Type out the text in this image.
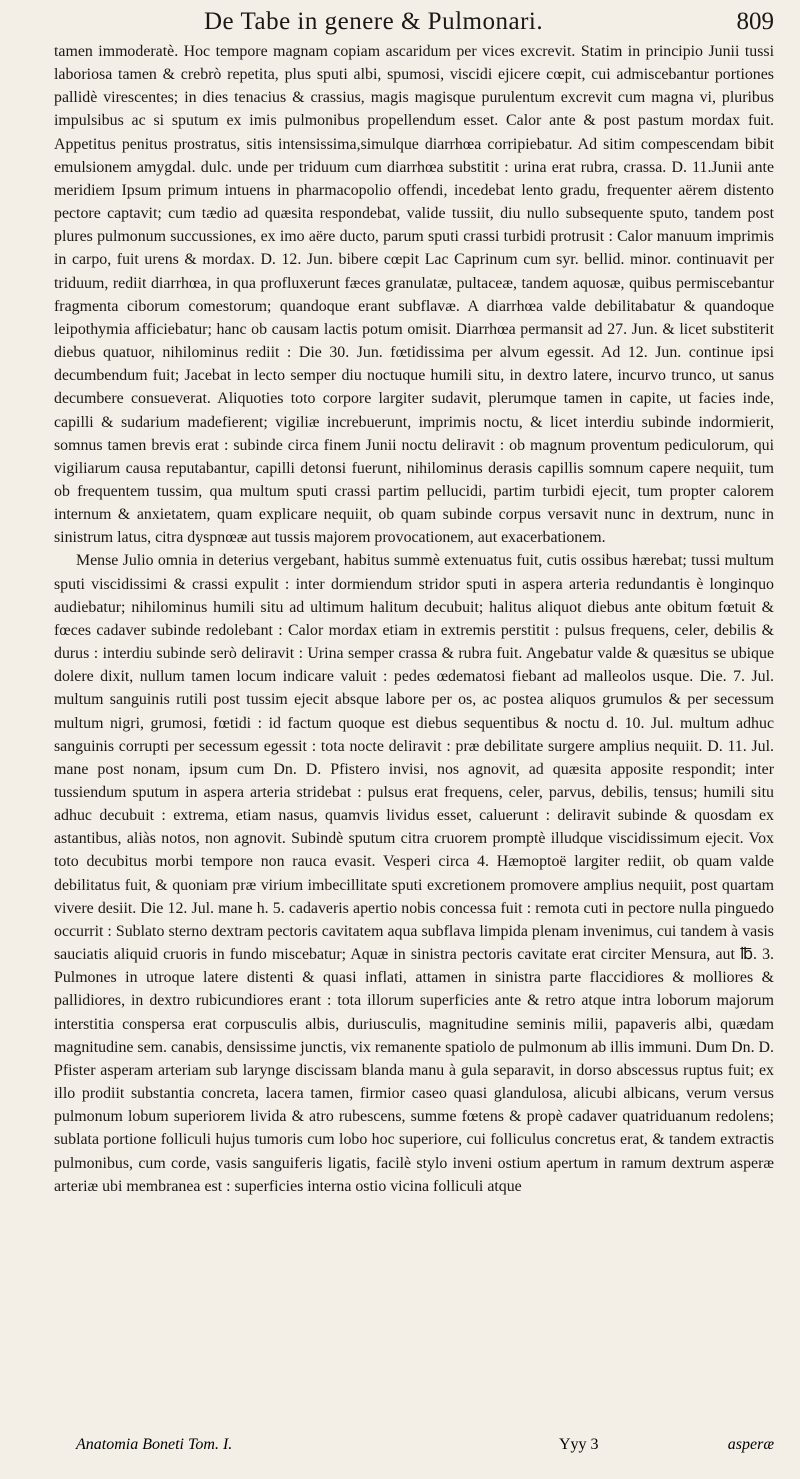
De Tabe in genere & Pulmonari.	809

tamen immoderatè. Hoc tempore magnam copiam ascaridum per vices excrevit. Statim in principio Junii tussi laboriosa tamen & crebrò repetita, plus sputi albi, spumosi, viscidi ejicere cœpit, cui admiscebantur portiones pallidè virescentes; in dies tenacius & crassius, magis magisque purulentum excrevit cum magna vi, pluribus impulsibus ac si sputum ex imis pulmonibus propellendum esset. Calor ante & post pastum mordax fuit. Appetitus penitus prostratus, sitis intensissima,simulque diarrhœa corripiebatur. Ad sitim compescendam bibit emulsionem amygdal. dulc. unde per triduum cum diarrhœa substitit : urina erat rubra, crassa. D. 11.Junii ante meridiem Ipsum primum intuens in pharmacopolio offendi, incedebat lento gradu, frequenter aërem distento pectore captavit; cum tædio ad quæsita respondebat, valide tussiit, diu nullo subsequente sputo, tandem post plures pulmonum succussiones, ex imo aëre ducto, parum sputi crassi turbidi protrusit : Calor manuum imprimis in carpo, fuit urens & mordax. D. 12. Jun. bibere cœpit Lac Caprinum cum syr. bellid. minor. continuavit per triduum, rediit diarrhœa, in qua profluxerunt fæces granulatæ, pultaceæ, tandem aquosæ, quibus permiscebantur fragmenta ciborum comestorum; quandoque erant subflavæ. A diarrhœa valde debilitabatur & quandoque leipothymia afficiebatur; hanc ob causam lactis potum omisit. Diarrhœa permansit ad 27. Jun. & licet substiterit diebus quatuor, nihilominus rediit : Die 30. Jun. fœtidissima per alvum egessit. Ad 12. Jun. continue ipsi decumbendum fuit; Jacebat in lecto semper diu noctuque humili situ, in dextro latere, incurvo trunco, ut sanus decumbere consueverat. Aliquoties toto corpore largiter sudavit, plerumque tamen in capite, ut facies inde, capilli & sudarium madefierent; vigiliæ increbuerunt, imprimis noctu, & licet interdiu subinde indormierit, somnus tamen brevis erat : subinde circa finem Junii noctu deliravit : ob magnum proventum pediculorum, qui vigiliarum causa reputabantur, capilli detonsi fuerunt, nihilominus derasis capillis somnum capere nequiit, tum ob frequentem tussim, qua multum sputi crassi partim pellucidi, partim turbidi ejecit, tum propter calorem internum & anxietatem, quam explicare nequiit, ob quam subinde corpus versavit nunc in dextrum, nunc in sinistrum latus, citra dyspnœæ aut tussis majorem provocationem, aut exacerbationem.

Mense Julio omnia in deterius vergebant, habitus summè extenuatus fuit, cutis ossibus hærebat; tussi multum sputi viscidissimi & crassi expulit : inter dormiendum stridor sputi in aspera arteria redundantis è longinquo audiebatur; nihilominus humili situ ad ultimum halitum decubuit; halitus aliquot diebus ante obitum fœtuit & fœces cadaver subinde redolebant : Calor mordax etiam in extremis perstitit : pulsus frequens, celer, debilis & durus : interdiu subinde serò deliravit : Urina semper crassa & rubra fuit. Angebatur valde & quæsitus se ubique dolere dixit, nullum tamen locum indicare valuit : pedes œdematosi fiebant ad malleolos usque. Die. 7. Jul. multum sanguinis rutili post tussim ejecit absque labore per os, ac postea aliquos grumulos & per secessum multum nigri, grumosi, fœtidi : id factum quoque est diebus sequentibus & noctu d. 10. Jul. multum adhuc sanguinis corrupti per secessum egessit : tota nocte deliravit : præ debilitate surgere amplius nequiit. D. 11. Jul. mane post nonam, ipsum cum Dn. D. Pfistero invisi, nos agnovit, ad quæsita apposite respondit; inter tussiendum sputum in aspera arteria stridebat : pulsus erat frequens, celer, parvus, debilis, tensus; humili situ adhuc decubuit : extrema, etiam nasus, quamvis lividus esset, caluerunt : deliravit subinde & quosdam ex astantibus, aliàs notos, non agnovit. Subindè sputum citra cruorem promptè illudque viscidissimum ejecit. Vox toto decubitus morbi tempore non rauca evasit. Vesperi circa 4. Hæmoptoë largiter rediit, ob quam valde debilitatus fuit, & quoniam præ virium imbecillitate sputi excretionem promovere amplius nequiit, post quartam vivere desiit. Die 12. Jul. mane h. 5. cadaveris apertio nobis concessa fuit : remota cuti in pectore nulla pinguedo occurrit : Sublato sterno dextram pectoris cavitatem aqua subflava limpida plenam invenimus, cui tandem à vasis sauciatis aliquid cruoris in fundo miscebatur; Aquæ in sinistra pectoris cavitate erat circiter Mensura, aut ℔. 3. Pulmones in utroque latere distenti & quasi inflati, attamen in sinistra parte flaccidiores & molliores & pallidiores, in dextro rubicundiores erant : tota illorum superficies ante & retro atque intra loborum majorum interstitia conspersa erat corpusculis albis, duriusculis, magnitudine seminis milii, papaveris albi, quædam magnitudine sem. canabis, densissime junctis, vix remanente spatiolo de pulmonum ab illis immuni. Dum Dn. D. Pfister asperam arteriam sub larynge discissam blanda manu à gula separavit, in dorso abscessus ruptus fuit; ex illo prodiit substantia concreta, lacera tamen, firmior caseo quasi glandulosa, alicubi albicans, verum versus pulmonum lobum superiorem livida & atro rubescens, summe fœtens & propè cadaver quatriduanum redolens; sublata portione folliculi hujus tumoris cum lobo hoc superiore, cui folliculus concretus erat, & tandem extractis pulmonibus, cum corde, vasis sanguiferis ligatis, facilè stylo inveni ostium apertum in ramum dextrum asperæ arteriæ ubi membranea est : superficies interna ostio vicina folliculi atque

Anatomia Boneti Tom. I.	Yyy 3	asperæ
